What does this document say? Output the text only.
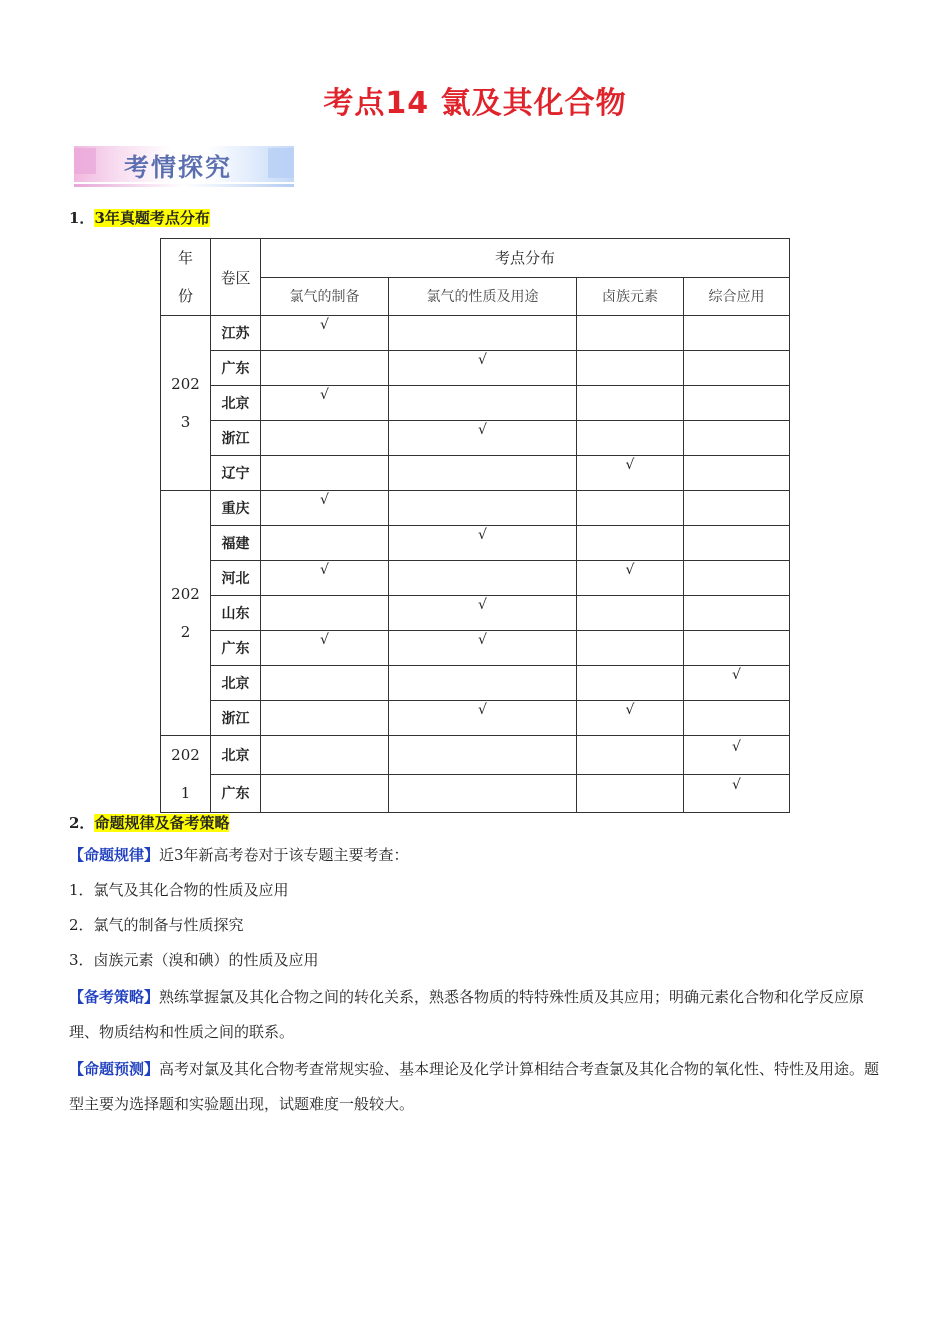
考点14 氯及其化合物
考情探究
1．3年真题考点分布
年
份	卷区	考点分布			
		氯气的制备	氯气的性质及用途	卤族元素	综合应用

202
3	江苏	√			
	广东		√		
	北京	√			
	浙江		√		
	辽宁			√	

202
2	重庆	√			
	福建		√		
	河北	√		√	
	山东		√		
	广东	√	√		
	北京				√
	浙江		√	√	

202
1	北京				√
	广东				√
2．命题规律及备考策略
【命题规律】近3年新高考卷对于该专题主要考查：
1．氯气及其化合物的性质及应用
2．氯气的制备与性质探究
3．卤族元素（溴和碘）的性质及应用
【备考策略】熟练掌握氯及其化合物之间的转化关系，熟悉各物质的特特殊性质及其应用；明确元素化合物和化学反应原理、物质结构和性质之间的联系。
【命题预测】高考对氯及其化合物考查常规实验、基本理论及化学计算相结合考查氯及其化合物的氧化性、特性及用途。题型主要为选择题和实验题出现，试题难度一般较大。
